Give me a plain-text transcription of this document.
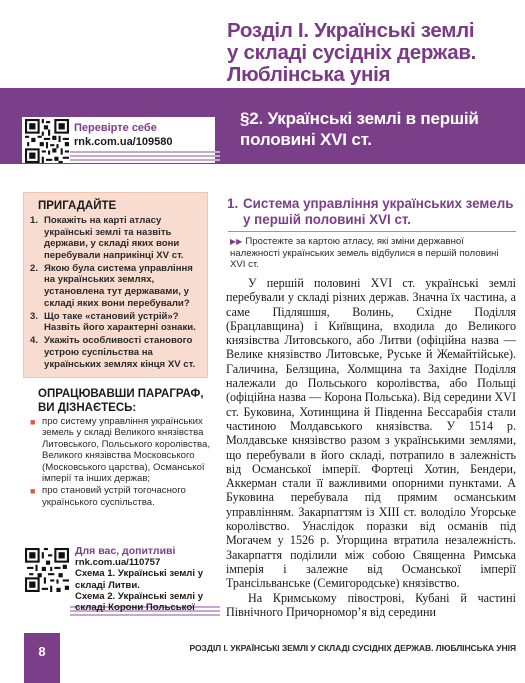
Розділ І. Українські землі
у складі сусідніх держав.
Люблінська унія
Перевірте себе
rnk.com.ua/109580
§2. Українські землі в першій
половині XVI ст.
ПРИГАДАЙТЕ
1. Покажіть на карті атласу українські землі та назвіть держави, у складі яких вони перебували наприкінці XV ст.
2. Якою була система управління на українських землях, установлена тут державами, у складі яких вони перебували?
3. Що таке «становий устрій»? Назвіть його характерні ознаки.
4. Укажіть особливості станового устрою суспільства на українських землях кінця XV ст.
ОПРАЦЮВАВШИ ПАРАГРАФ, ВИ ДІЗНАЄТЕСЬ:
■ про систему управління українських земель у складі Великого князівства Литовського, Польського королівства, Великого князівства Московського (Московського царства), Османської імперії та інших держав;
■ про становий устрій тогочасного українського суспільства.
Для вас, допитливі
rnk.com.ua/110757
Схема 1. Українські землі у складі Литви.
Схема 2. Українські землі у складі Корони Польської
1. Система управління українських земель
у першій половині XVI ст.
▶▶ Простежте за картою атласу, які зміни державної належності українських земель відбулися в першій половині XVI ст.

У першій половині XVI ст. українські землі перебували у складі різних держав. Значна їх частина, а саме Підляшшя, Волинь, Східне Поділля (Брацлавщина) і Київщина, входила до Великого князівства Литовського, або Литви (офіційна назва — Велике князівство Литовське, Руське й Жемайтійське). Галичина, Белзщина, Холмщина та Західне Поділля належали до Польського королівства, або Польщі (офіційна назва — Корона Польська). Від середини XVI ст. Буковина, Хотинщина й Південна Бессарабія стали частиною Молдавського князівства. У 1514 р. Молдавське князівство разом з українськими землями, що перебували в його складі, потрапило в залежність від Османської імперії. Фортеці Хотин, Бендери, Аккерман стали її важливими опорними пунктами. А Буковина перебувала під прямим османським управлінням. Закарпаттям із XIII ст. володіло Угорське королівство. Унаслідок поразки від османів під Могачем у 1526 р. Угорщина втратила незалежність. Закарпаття поділили між собою Священна Римська імперія і залежне від Османської імперії Трансільванське (Семигородське) князівство.

На Кримському півострові, Кубані й частині Північного Причорномор’я від середини

8	РОЗДІЛ І. УКРАЇНСЬКІ ЗЕМЛІ У СКЛАДІ СУСІДНІХ ДЕРЖАВ. ЛЮБЛІНСЬКА УНІЯ
